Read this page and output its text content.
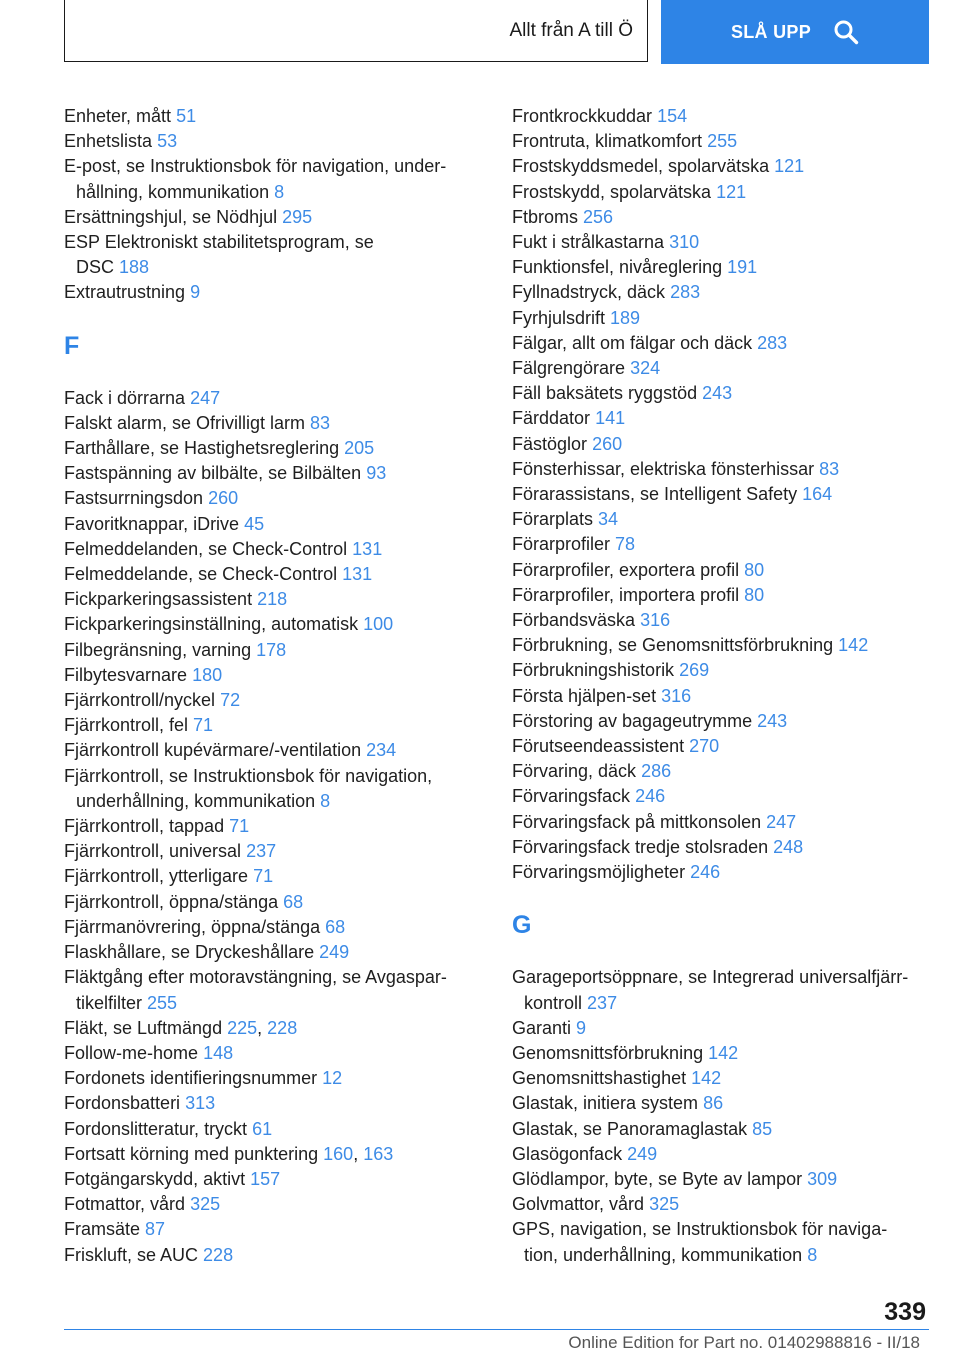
Allt från A till Ö	SLÅ UPP
Enheter, mått 51
Enhetslista 53
E-post, se Instruktionsbok för navigation, under-
hållning, kommunikation 8
Ersättningshjul, se Nödhjul 295
ESP Elektroniskt stabilitetsprogram, se
DSC 188
Extrautrustning 9
F
Fack i dörrarna 247
Falskt alarm, se Ofrivilligt larm 83
Farthållare, se Hastighetsreglering 205
Fastspänning av bilbälte, se Bilbälten 93
Fastsurrningsdon 260
Favoritknappar, iDrive 45
Felmeddelanden, se Check-Control 131
Felmeddelande, se Check-Control 131
Fickparkeringsassistent 218
Fickparkeringsinställning, automatisk 100
Filbegränsning, varning 178
Filbytesvarnare 180
Fjärrkontroll/nyckel 72
Fjärrkontroll, fel 71
Fjärrkontroll kupévärmare/-ventilation 234
Fjärrkontroll, se Instruktionsbok för navigation,
underhållning, kommunikation 8
Fjärrkontroll, tappad 71
Fjärrkontroll, universal 237
Fjärrkontroll, ytterligare 71
Fjärrkontroll, öppna/stänga 68
Fjärrmanövrering, öppna/stänga 68
Flaskhållare, se Dryckeshållare 249
Fläktgång efter motoravstängning, se Avgaspar-
tikelfilter 255
Fläkt, se Luftmängd 225, 228
Follow-me-home 148
Fordonets identifieringsnummer 12
Fordonsbatteri 313
Fordonslitteratur, tryckt 61
Fortsatt körning med punktering 160, 163
Fotgängarskydd, aktivt 157
Fotmattor, vård 325
Framsäte 87
Friskluft, se AUC 228
Frontkrockkuddar 154
Frontruta, klimatkomfort 255
Frostskyddsmedel, spolarvätska 121
Frostskydd, spolarvätska 121
Ftbroms 256
Fukt i strålkastarna 310
Funktionsfel, nivåreglering 191
Fyllnadstryck, däck 283
Fyrhjulsdrift 189
Fälgar, allt om fälgar och däck 283
Fälgrengörare 324
Fäll baksätets ryggstöd 243
Färddator 141
Fästöglor 260
Fönsterhissar, elektriska fönsterhissar 83
Förarassistans, se Intelligent Safety 164
Förarplats 34
Förarprofiler 78
Förarprofiler, exportera profil 80
Förarprofiler, importera profil 80
Förbandsväska 316
Förbrukning, se Genomsnittsförbrukning 142
Förbrukningshistorik 269
Första hjälpen-set 316
Förstoring av bagageutrymme 243
Förutseendeassistent 270
Förvaring, däck 286
Förvaringsfack 246
Förvaringsfack på mittkonsolen 247
Förvaringsfack tredje stolsraden 248
Förvaringsmöjligheter 246
G
Garageportsöppnare, se Integrerad universalfjärr-
kontroll 237
Garanti 9
Genomsnittsförbrukning 142
Genomsnittshastighet 142
Glastak, initiera system 86
Glastak, se Panoramaglastak 85
Glasögonfack 249
Glödlampor, byte, se Byte av lampor 309
Golvmattor, vård 325
GPS, navigation, se Instruktionsbok för naviga-
tion, underhållning, kommunikation 8
339
Online Edition for Part no. 01402988816 - II/18
